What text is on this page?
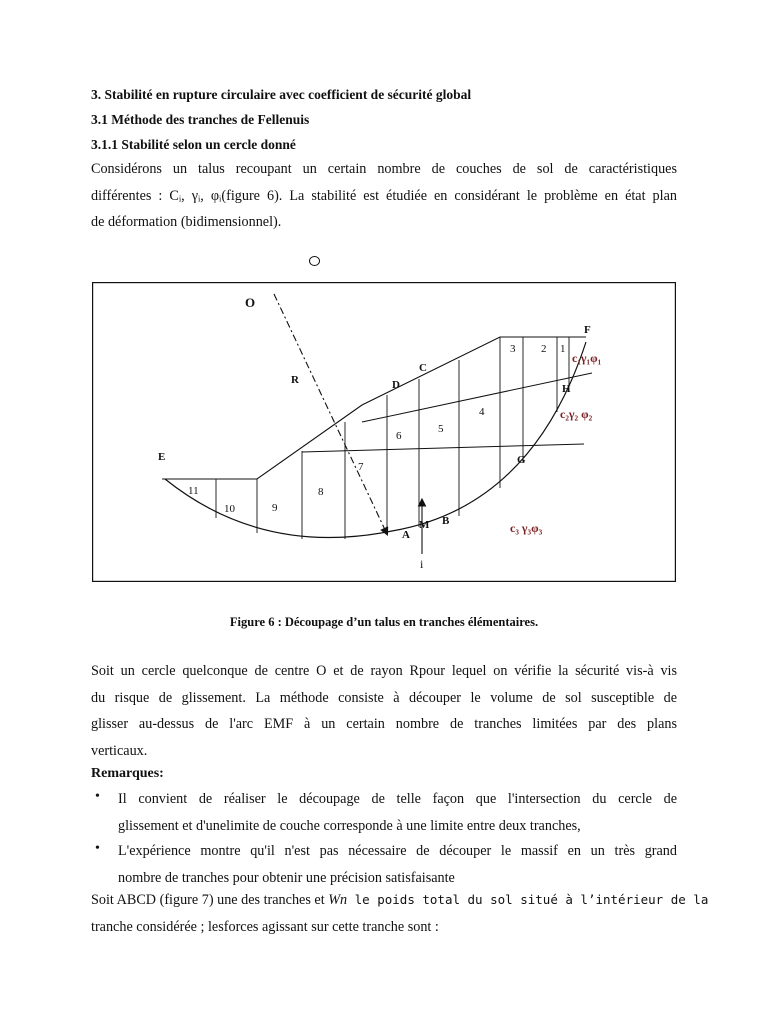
3. Stabilité en rupture circulaire avec coefficient de sécurité global
3.1 Méthode des tranches de Fellenuis
3.1.1 Stabilité selon un cercle donné
Considérons un talus recoupant un certain nombre de couches de sol de caractéristiques
différentes : Cᵢ, γᵢ, φᵢ(figure 6). La stabilité est étudiée en considérant le problème en état plan
de déformation (bidimensionnel).
O
R
E
F
C
D	H
G
A
M B
i
1
2
3
4
5
6
7
8
9
10
11
c₁γ₁φ₁
c₂γ₂ φ₂
c₃ γ₃φ₃
Figure 6 : Découpage d’un talus en tranches élémentaires.
Soit un cercle quelconque de centre O et de rayon Rpour lequel on vérifie la sécurité vis-à vis
du risque de glissement. La méthode consiste à découper le volume de sol susceptible de
glisser au-dessus de l'arc EMF à un certain nombre de tranches limitées par des plans
verticaux.
Remarques:
• Il convient de réaliser le découpage de telle façon que l'intersection du cercle de
glissement et d'unelimite de couche corresponde à une limite entre deux tranches,
• L'expérience montre qu'il n'est pas nécessaire de découper le massif en un très grand
nombre de tranches pour obtenir une précision satisfaisante
Soit ABCD (figure 7) une des tranches et Wn le poids total du sol situé à l’intérieur de la
tranche considérée ; lesforces agissant sur cette tranche sont :
